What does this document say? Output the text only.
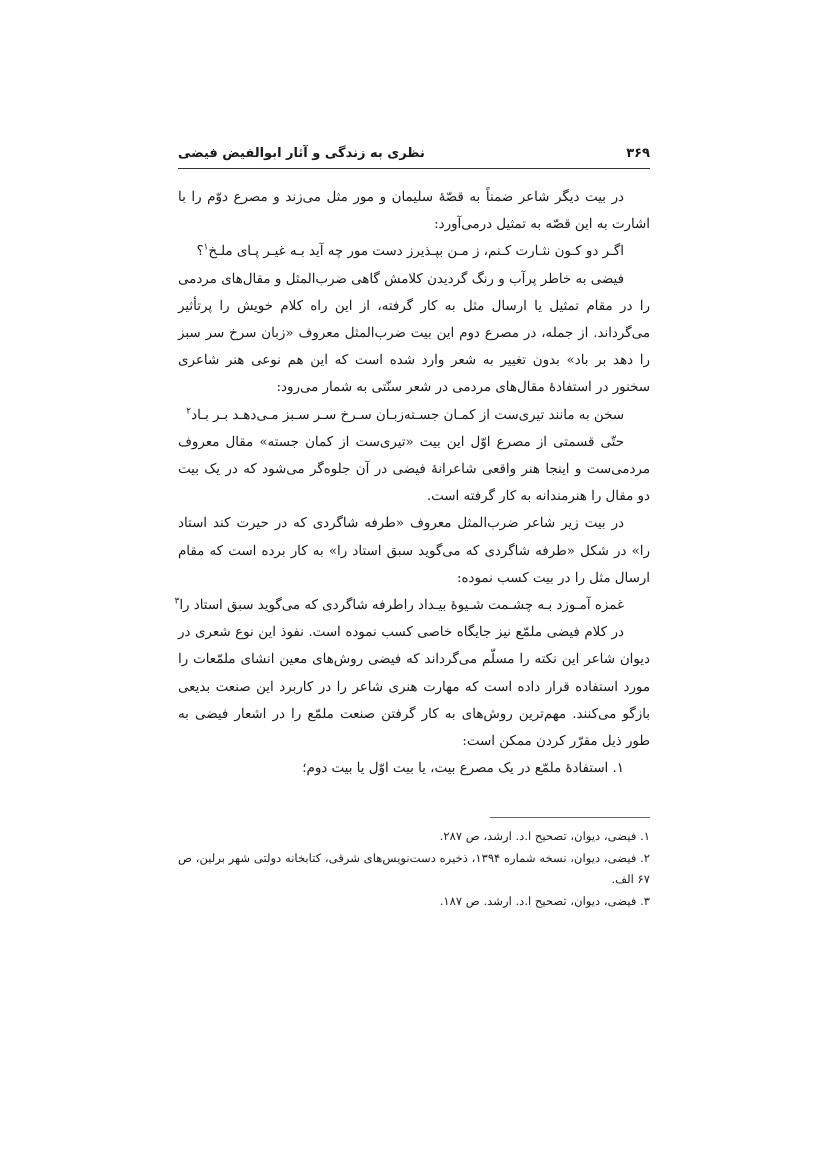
۳۶۹
نظری به زندگی و آثار ابوالفیض فیضی

در بیت دیگر شاعر ضمناً به قصّهٔ سلیمان و مور مثل می‌زند و مصرع دوّم را با اشارت به این قصّه به تمثیل درمی‌آورد:

اگـر دو کـون نثـارت کـنم، ز مـن بپـذیر
ز دست مور چه آید بـه غیـر پـای ملـخ$^۱$؟

فیضی به خاطر پرآب و رنگ گردیدن کلامش گاهی ضرب‌المثل و مقال‌های مردمی را در مقام تمثیل یا ارسال مثل به کار گرفته، از این راه کلام خویش را پرتأثیر می‌گرداند. از جمله، در مصرع دوم این بیت ضرب‌المثل معروف «زبان سرخ سر سبز را دهد بر باد» بدون تغییر به شعر وارد شده است که این هم نوعی هنر شاعری سخنور در استفادهٔ مقال‌های مردمی در شعر سنّتی به شمار می‌رود:

سخن به مانند تیری‌ست از کمـان جسـته
زبـان سـرخ سـر سـبز مـی‌دهـد بـر بـاد$^۲$

حتّی قسمتی از مصرع اوّل این بیت «تیری‌ست از کمان جسته» مقال معروف مردمی‌ست و اینجا هنر واقعی شاعرانهٔ فیضی در آن جلوه‌گر می‌شود که در یک بیت دو مقال را هنرمندانه به کار گرفته است.

در بیت زیر شاعر ضرب‌المثل معروف «طرفه شاگردی که در حیرت کند استاد را» در شکل «طرفه شاگردی که می‌گوید سبق استاد را» به کار برده است که مقام ارسال مثل را در بیت کسب نموده:

غمزه آمـوزد بـه چشـمت شـیوهٔ بیـداد را
طرفه شاگردی که می‌گوید سبق استاد را$^۳$

در کلام فیضی ملمّع نیز جایگاه خاصی کسب نموده است. نفوذ این نوع شعری در دیوان شاعر این نکته را مسلّم می‌گرداند که فیضی روش‌های معین انشای ملمّعات را مورد استفاده قرار داده است که مهارت هنری شاعر را در کاربرد این صنعت بدیعی بازگو می‌کنند. مهم‌ترین روش‌های به کار گرفتن صنعت ملمّع را در اشعار فیضی به طور ذیل مقرّر کردن ممکن است:

۱. استفادهٔ ملمّع در یک مصرع بیت، یا بیت اوّل یا بیت دوم؛

۱. فیضی، دیوان، تصحیح ا.د. ارشد، ص ۲۸۷.

۲. فیضی، دیوان، نسخه شماره ۱۳۹۴، ذخیره دست‌نویس‌های شرقی، کتابخانه دولتی شهر برلین، ص ۶۷ الف.

۳. فیضی، دیوان، تصحیح ا.د. ارشد. ص ۱۸۷.
